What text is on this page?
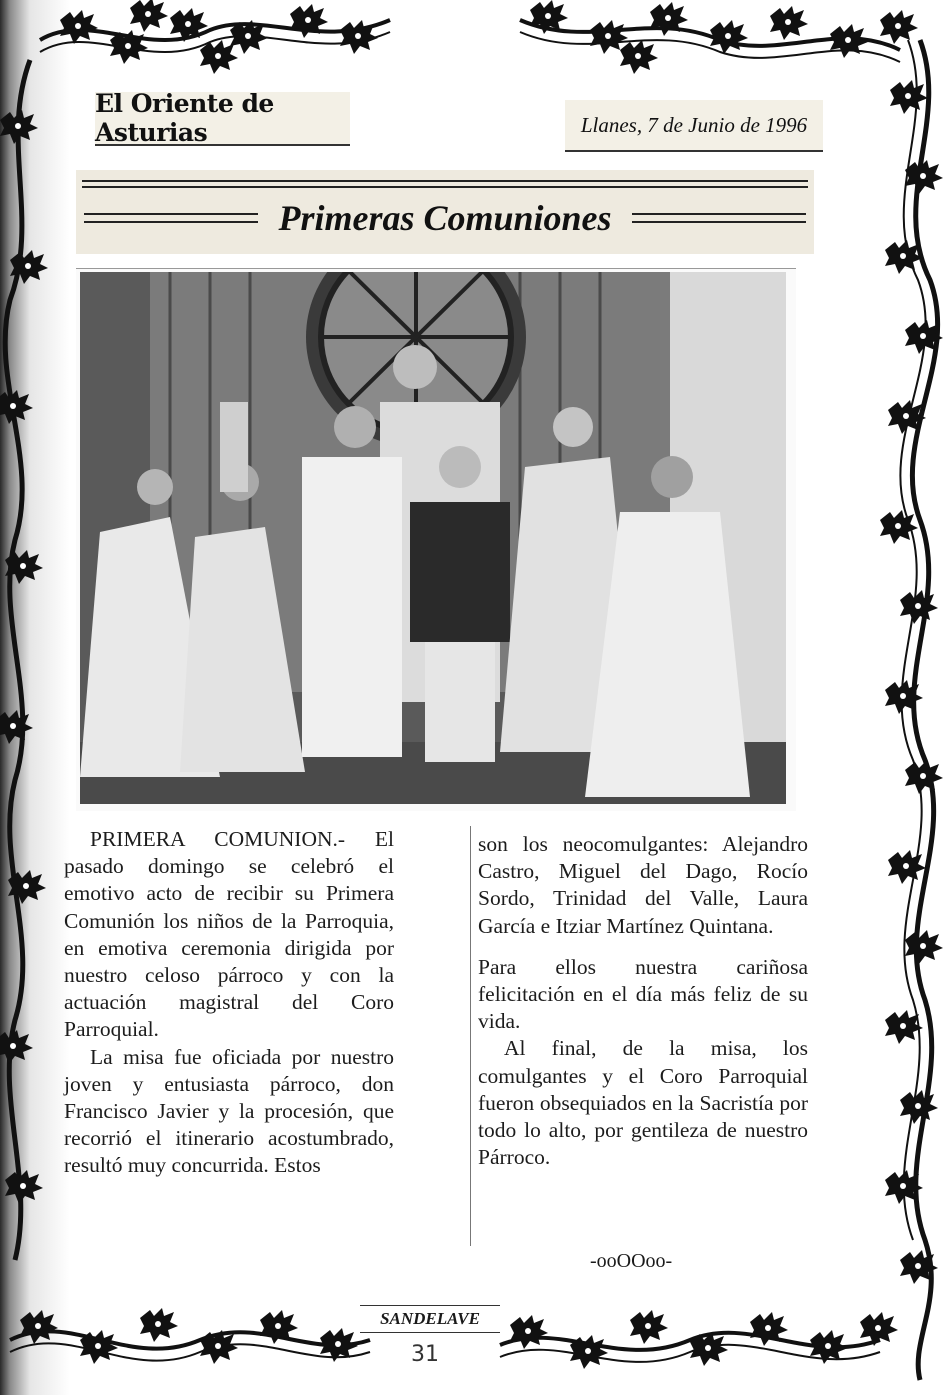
El Oriente de Asturias	Llanes, 7 de Junio de 1996
Primeras Comuniones

PRIMERA COMUNION.- El pasado domingo se celebró el emotivo acto de recibir su Primera Comunión los niños de la Parroquia, en emotiva ceremonia dirigida por nuestro celoso párroco y con la actuación magistral del Coro Parroquial.

La misa fue oficiada por nuestro joven y entusiasta párroco, don Francisco Javier y la procesión, que recorrió el itinerario acostumbrado, resultó muy concurrida. Estos

son los neocomulgantes: Alejandro Castro, Miguel del Dago, Rocío Sordo, Trinidad del Valle, Laura García e Itziar Martínez Quintana.

Para ellos nuestra cariñosa felicitación en el día más feliz de su vida.

Al final, de la misa, los comulgantes y el Coro Parroquial fueron obsequiados en la Sacristía por todo lo alto, por gentileza de nuestro Párroco.

-ooOOoo-
SANDELAVE
31
